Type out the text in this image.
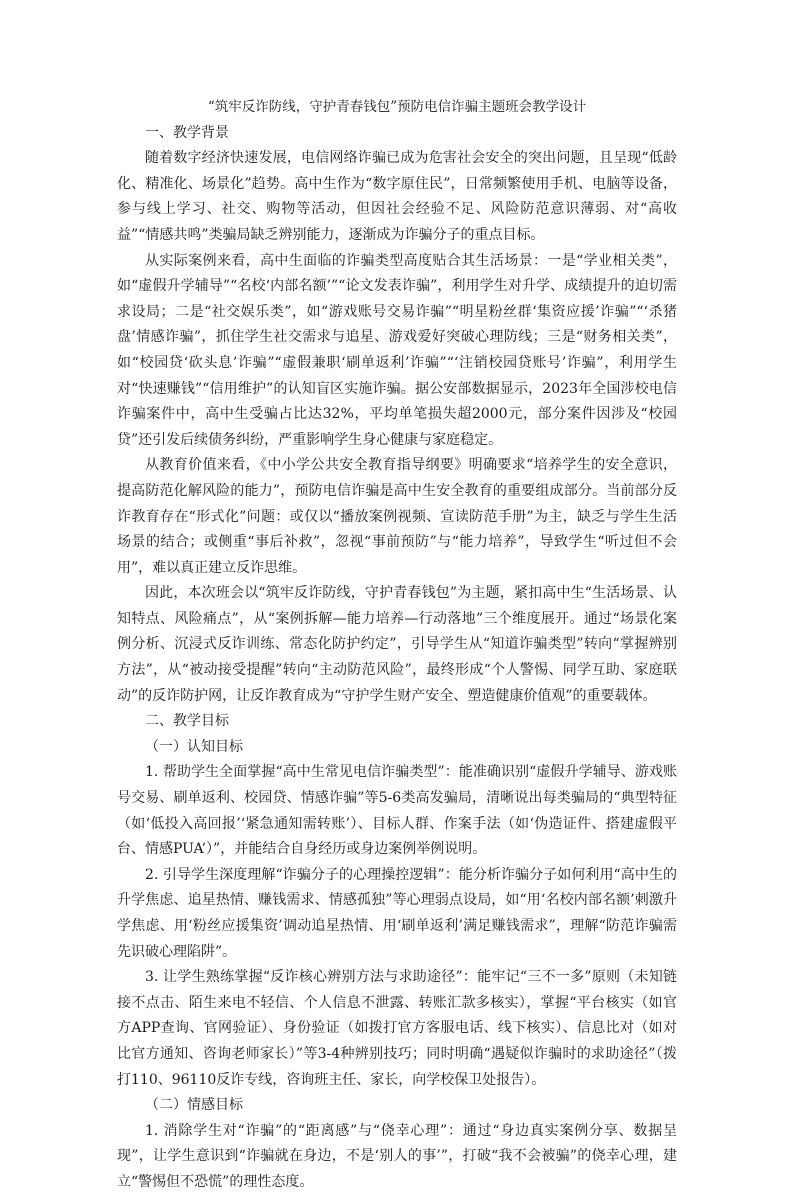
“筑牢反诈防线，守护青春钱包”预防电信诈骗主题班会教学设计
一、教学背景

随着数字经济快速发展，电信网络诈骗已成为危害社会安全的突出问题，且呈现“低龄化、精准化、场景化”趋势。高中生作为“数字原住民”，日常频繁使用手机、电脑等设备，参与线上学习、社交、购物等活动，但因社会经验不足、风险防范意识薄弱、对“高收益”“情感共鸣”类骗局缺乏辨别能力，逐渐成为诈骗分子的重点目标。

从实际案例来看，高中生面临的诈骗类型高度贴合其生活场景：一是“学业相关类”，如“虚假升学辅导”“名校‘内部名额’”“论文发表诈骗”，利用学生对升学、成绩提升的迫切需求设局；二是“社交娱乐类”，如“游戏账号交易诈骗”“明星粉丝群‘集资应援’诈骗”“‘杀猪盘’情感诈骗”，抓住学生社交需求与追星、游戏爱好突破心理防线；三是“财务相关类”，如“校园贷‘砍头息’诈骗”“虚假兼职‘刷单返利’诈骗”“‘注销校园贷账号’诈骗”，利用学生对“快速赚钱”“信用维护”的认知盲区实施诈骗。据公安部数据显示，2023年全国涉校电信诈骗案件中，高中生受骗占比达32%，平均单笔损失超2000元，部分案件因涉及“校园贷”还引发后续债务纠纷，严重影响学生身心健康与家庭稳定。

从教育价值来看，《中小学公共安全教育指导纲要》明确要求“培养学生的安全意识，提高防范化解风险的能力”，预防电信诈骗是高中生安全教育的重要组成部分。当前部分反诈教育存在“形式化”问题：或仅以“播放案例视频、宣读防范手册”为主，缺乏与学生生活场景的结合；或侧重“事后补救”，忽视“事前预防”与“能力培养”，导致学生“听过但不会用”，难以真正建立反诈思维。

因此，本次班会以“筑牢反诈防线，守护青春钱包”为主题，紧扣高中生“生活场景、认知特点、风险痛点”，从“案例拆解—能力培养—行动落地”三个维度展开。通过“场景化案例分析、沉浸式反诈训练、常态化防护约定”，引导学生从“知道诈骗类型”转向“掌握辨别方法”，从“被动接受提醒”转向“主动防范风险”，最终形成“个人警惕、同学互助、家庭联动”的反诈防护网，让反诈教育成为“守护学生财产安全、塑造健康价值观”的重要载体。

二、教学目标
（一）认知目标

1. 帮助学生全面掌握“高中生常见电信诈骗类型”：能准确识别“虚假升学辅导、游戏账号交易、刷单返利、校园贷、情感诈骗”等5-6类高发骗局，清晰说出每类骗局的“典型特征（如‘低投入高回报’‘紧急通知需转账’）、目标人群、作案手法（如‘伪造证件、搭建虚假平台、情感PUA’）”，并能结合自身经历或身边案例举例说明。

2. 引导学生深度理解“诈骗分子的心理操控逻辑”：能分析诈骗分子如何利用“高中生的升学焦虑、追星热情、赚钱需求、情感孤独”等心理弱点设局，如“用‘名校内部名额’刺激升学焦虑、用‘粉丝应援集资’调动追星热情、用‘刷单返利’满足赚钱需求”，理解“防范诈骗需先识破心理陷阱”。

3. 让学生熟练掌握“反诈核心辨别方法与求助途径”：能牢记“三不一多”原则（未知链接不点击、陌生来电不轻信、个人信息不泄露、转账汇款多核实），掌握“平台核实（如官方APP查询、官网验证）、身份验证（如拨打官方客服电话、线下核实）、信息比对（如对比官方通知、咨询老师家长）”等3-4种辨别技巧；同时明确“遇疑似诈骗时的求助途径”（拨打110、96110反诈专线，咨询班主任、家长，向学校保卫处报告）。

（二）情感目标

1. 消除学生对“诈骗”的“距离感”与“侥幸心理”：通过“身边真实案例分享、数据呈现”，让学生意识到“诈骗就在身边，不是‘别人的事’”，打破“我不会被骗”的侥幸心理，建立“警惕但不恐慌”的理性态度。
